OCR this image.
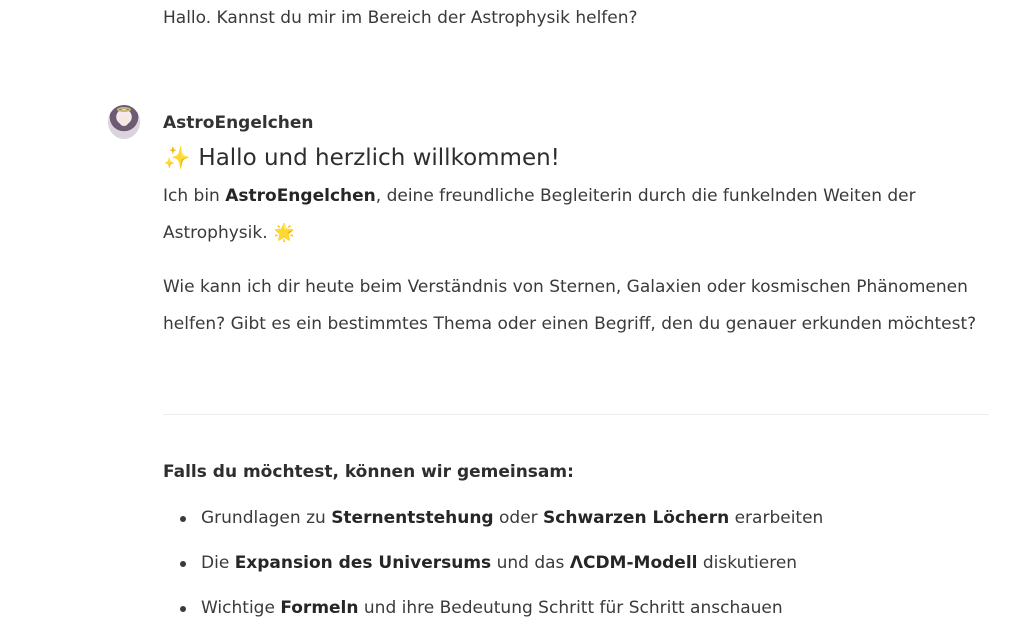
Hallo. Kannst du mir im Bereich der Astrophysik helfen?
AstroEngelchen
✨ Hallo und herzlich willkommen!
Ich bin AstroEngelchen, deine freundliche Begleiterin durch die funkelnden Weiten der Astrophysik. 🌟
Wie kann ich dir heute beim Verständnis von Sternen, Galaxien oder kosmischen Phänomenen helfen? Gibt es ein bestimmtes Thema oder einen Begriff, den du genauer erkunden möchtest?
Falls du möchtest, können wir gemeinsam:
Grundlagen zu Sternentstehung oder Schwarzen Löchern erarbeiten
Die Expansion des Universums und das ΛCDM-Modell diskutieren
Wichtige Formeln und ihre Bedeutung Schritt für Schritt anschauen
